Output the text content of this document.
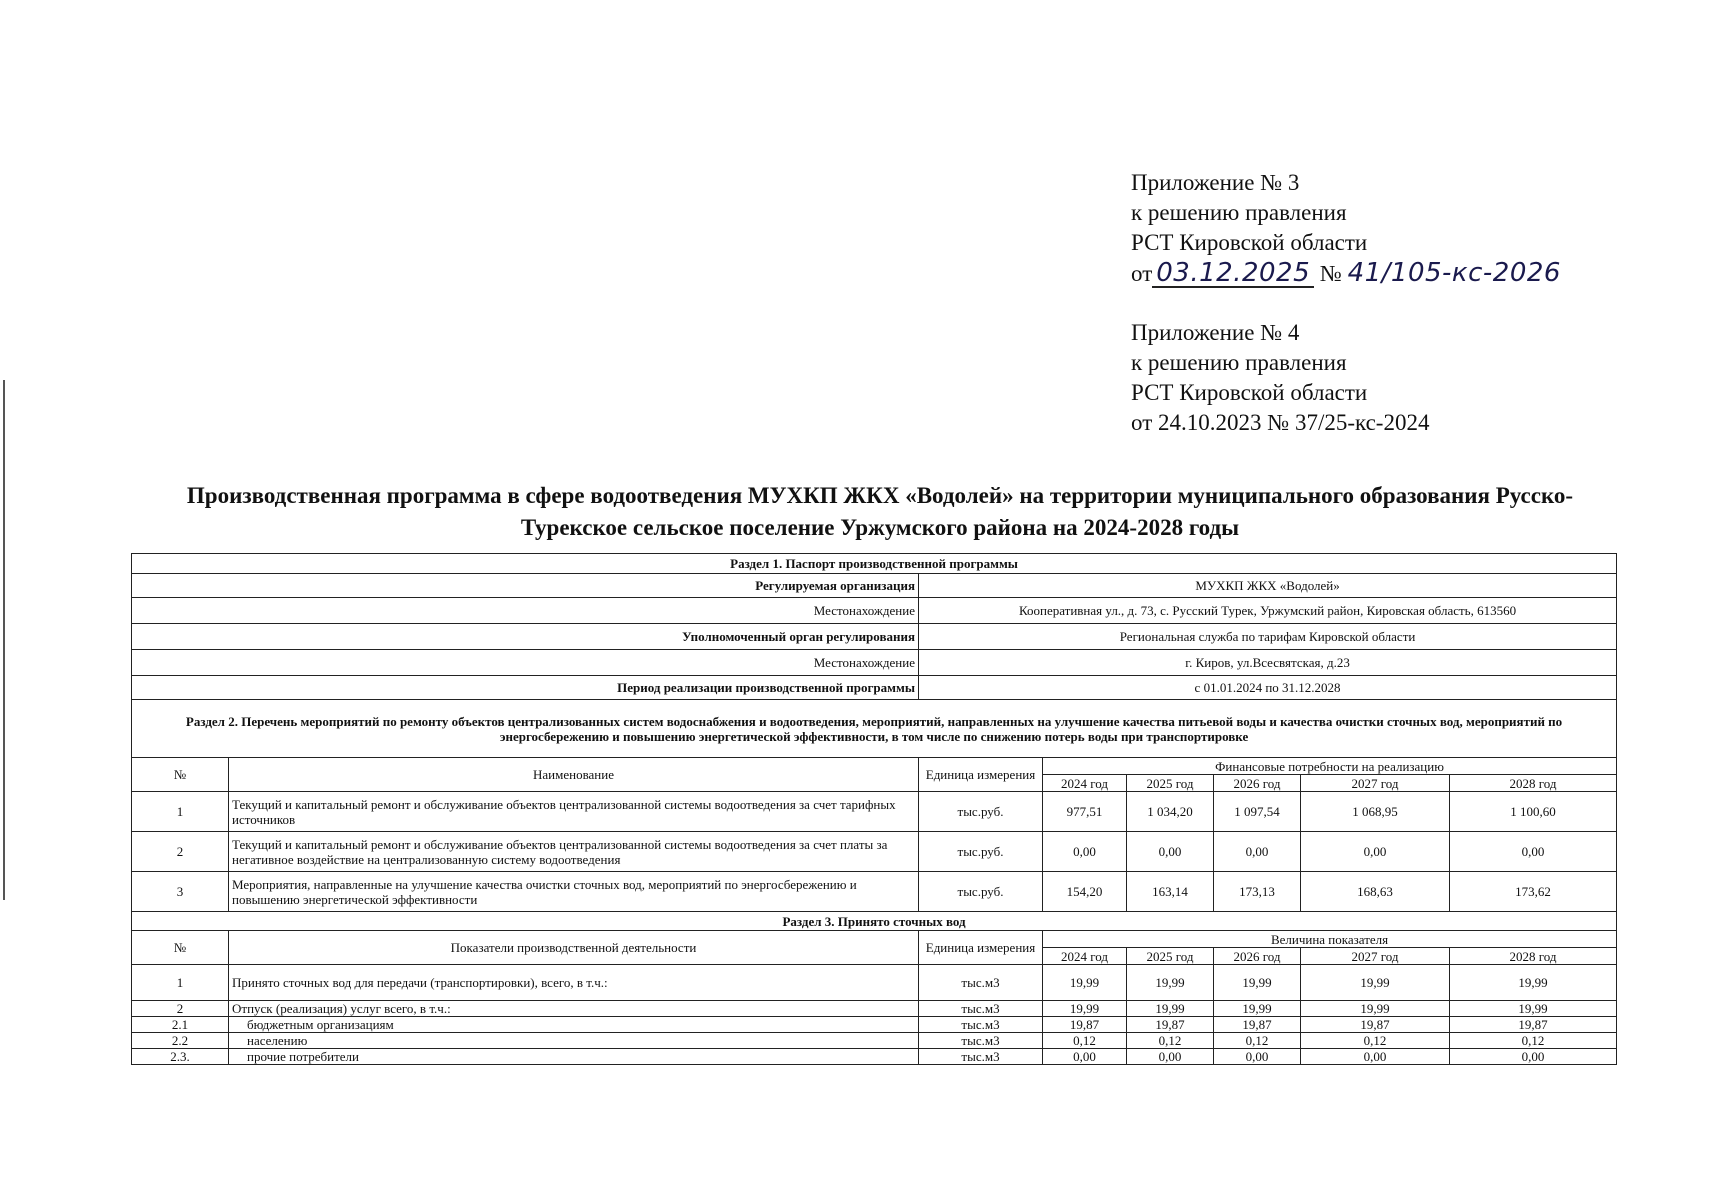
Приложение № 3
к решению правления
РСТ Кировской области
от 03.12.2025 № 41/105-кс-2026
Приложение № 4
к решению правления
РСТ Кировской области
от 24.10.2023 № 37/25-кс-2024
Производственная программа в сфере водоотведения МУХКП ЖКХ «Водолей» на территории муниципального образования Русско-
Турекское сельское поселение Уржумского района на 2024-2028 годы
Раздел 1. Паспорт производственной программы							
Регулируемая организация		МУХКП ЖКХ «Водолей»					
Местонахождение		Кооперативная ул., д. 73, с. Русский Турек, Уржумский район, Кировская область, 613560					
Уполномоченный орган регулирования		Региональная служба по тарифам Кировской области					
Местонахождение		г. Киров, ул.Всесвятская, д.23					
Период реализации производственной программы		с 01.01.2024 по 31.12.2028					
Раздел 2. Перечень мероприятий по ремонту объектов централизованных систем водоснабжения и водоотведения, мероприятий, направленных на улучшение качества питьевой воды и качества очистки сточных вод, мероприятий по энергосбережению и повышению энергетической эффективности, в том числе по снижению потерь воды при транспортировке							
№	Наименование	Единица измерения	Финансовые потребности на реализацию				
			2024 год	2025 год	2026 год	2027 год	2028 год
1	Текущий и капитальный ремонт и обслуживание объектов централизованной системы водоотведения за счет тарифных источников	тыс.руб.	977,51	1 034,20	1 097,54	1 068,95	1 100,60
2	Текущий и капитальный ремонт и обслуживание объектов централизованной системы водоотведения за счет платы за негативное воздействие на централизованную систему водоотведения	тыс.руб.	0,00	0,00	0,00	0,00	0,00
3	Мероприятия, направленные на улучшение качества очистки сточных вод, мероприятий по энергосбережению и повышению энергетической эффективности	тыс.руб.	154,20	163,14	173,13	168,63	173,62
Раздел 3. Принято сточных вод							
№	Показатели производственной деятельности	Единица измерения	Величина показателя				
			2024 год	2025 год	2026 год	2027 год	2028 год
1	Принято сточных вод для передачи (транспортировки), всего, в т.ч.:	тыс.м3	19,99	19,99	19,99	19,99	19,99
2	Отпуск (реализация) услуг всего, в т.ч.:	тыс.м3	19,99	19,99	19,99	19,99	19,99
2.1	бюджетным организациям	тыс.м3	19,87	19,87	19,87	19,87	19,87
2.2	населению	тыс.м3	0,12	0,12	0,12	0,12	0,12
2.3.	прочие потребители	тыс.м3	0,00	0,00	0,00	0,00	0,00
